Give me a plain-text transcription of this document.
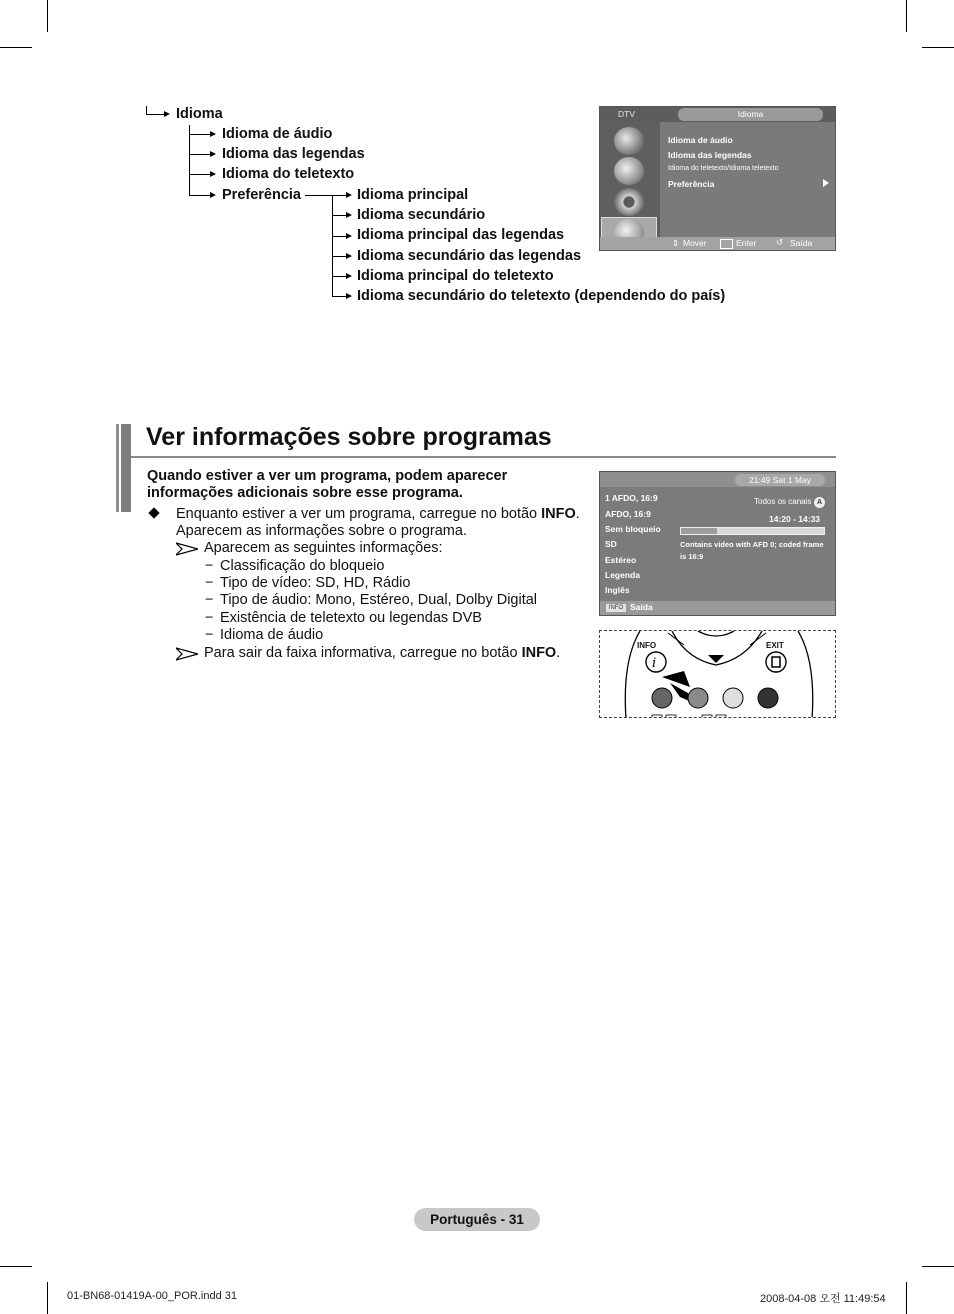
Idioma
Idioma de áudio
Idioma das legendas
Idioma do teletexto
Preferência	Idioma principal
Idioma secundário
Idioma principal das legendas
Idioma secundário das legendas
Idioma principal do teletexto
Idioma secundário do teletexto (dependendo do país)
DTV	Idioma
Idioma de áudio
Idioma das legendas
Idioma do teletexto/Idioma teletexto
Preferência
⇕ Mover	Enter ↺ Saída
Ver informações sobre programas
Quando estiver a ver um programa, podem aparecer
informações adicionais sobre esse programa.
Enquanto estiver a ver um programa, carregue no botão INFO.
Aparecem as informações sobre o programa.
Aparecem as seguintes informações:
− Classificação do bloqueio
− Tipo de vídeo: SD, HD, Rádio
− Tipo de áudio: Mono, Estéreo, Dual, Dolby Digital
− Existência de teletexto ou legendas DVB
− Idioma de áudio
Para sair da faixa informativa, carregue no botão INFO.
21:49 Sat 1 May
1 AFDO, 16:9
AFDO, 16:9
Sem bloqueio
SD
Estéreo
Legenda
Inglês
Todos os canais A
14:20 - 14:33
Contains video with AFD 0; coded frame
is 16:9
INFO Saída
i
INFO	EXIT
Português - 31
01-BN68-01419A-00_POR.indd 31	2008-04-08 오전 11:49:54
